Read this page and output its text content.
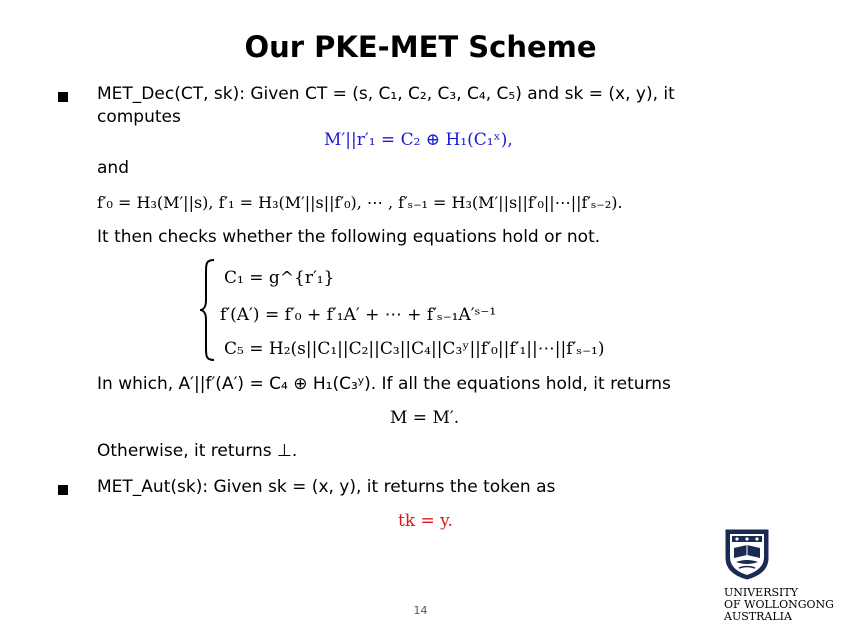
Our PKE-MET Scheme
MET_Dec(CT, sk): Given CT = (s, C₁, C₂, C₃, C₄, C₅) and sk = (x, y), it
computes
M′||r′₁ = C₂ ⊕ H₁(C₁ˣ),
and
f′₀ = H₃(M′||s), f′₁ = H₃(M′||s||f′₀), ⋯ , f′ₛ₋₁ = H₃(M′||s||f′₀||⋯||f′ₛ₋₂).
It then checks whether the following equations hold or not.
C₁ = g^{r′₁}
f′(A′) = f′₀ + f′₁A′ + ⋯ + f′ₛ₋₁A′ˢ⁻¹
C₅ = H₂(s||C₁||C₂||C₃||C₄||C₃ʸ||f′₀||f′₁||⋯||f′ₛ₋₁)
In which, A′||f′(A′) = C₄ ⊕ H₁(C₃ʸ). If all the equations hold, it returns
M = M′.
Otherwise, it returns ⊥.
MET_Aut(sk): Given sk = (x, y), it returns the token as
tk = y.
14
UNIVERSITY
OF WOLLONGONG
AUSTRALIA
